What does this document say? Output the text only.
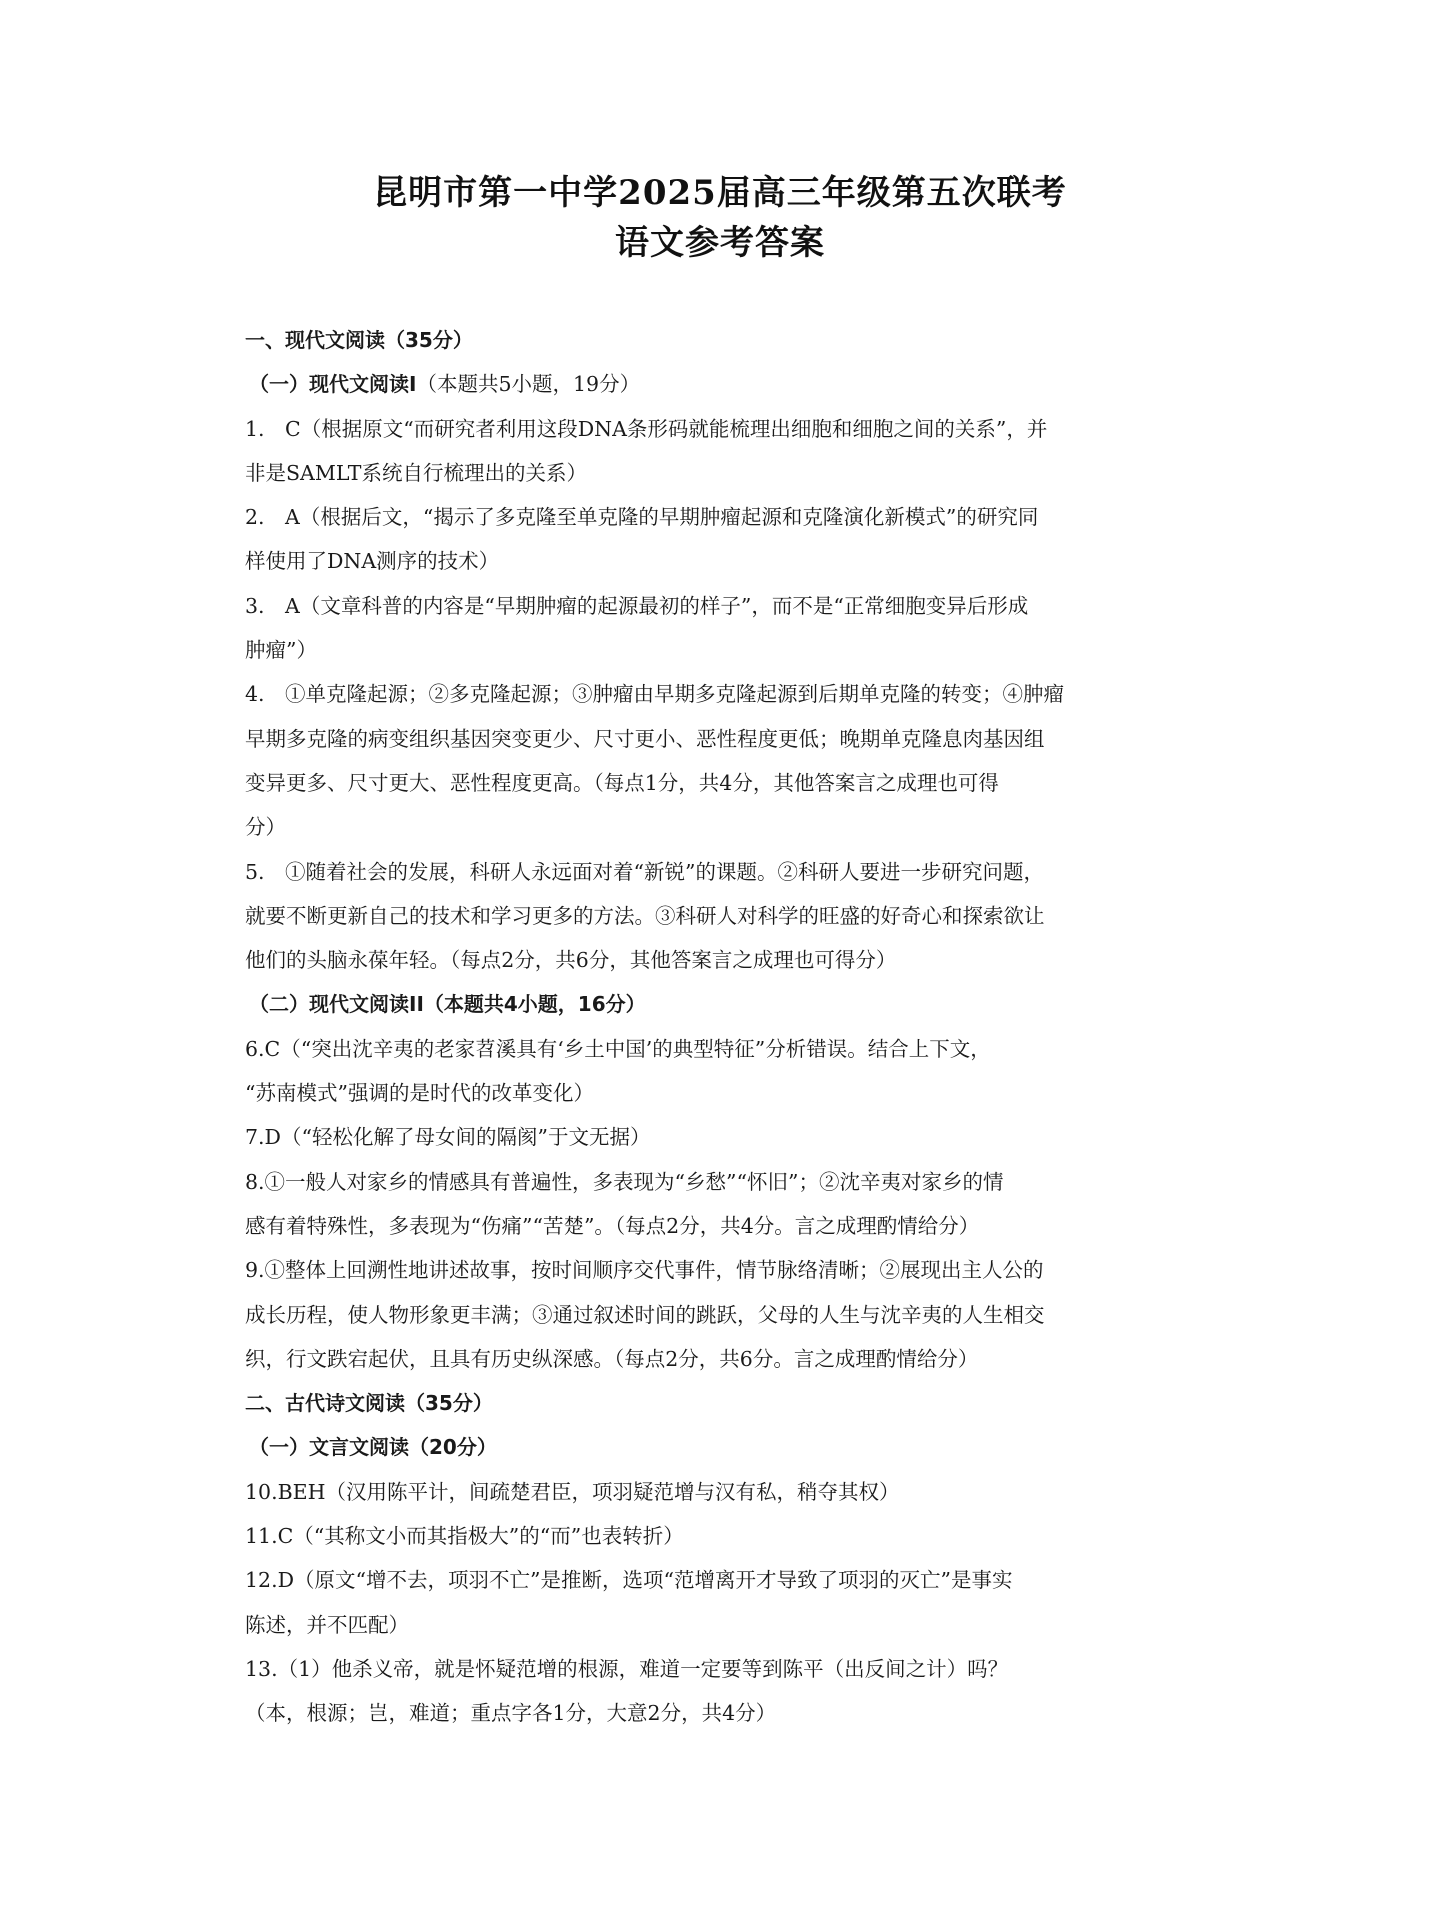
昆明市第一中学2025届高三年级第五次联考
语文参考答案
一、现代文阅读（35分）
（一）现代文阅读Ⅰ（本题共5小题，19分）
1.　C（根据原文“而研究者利用这段DNA条形码就能梳理出细胞和细胞之间的关系”，并
非是SAMLT系统自行梳理出的关系）
2.　A（根据后文，“揭示了多克隆至单克隆的早期肿瘤起源和克隆演化新模式”的研究同
样使用了DNA测序的技术）
3.　A（文章科普的内容是“早期肿瘤的起源最初的样子”，而不是“正常细胞变异后形成
肿瘤”）
4.　①单克隆起源；②多克隆起源；③肿瘤由早期多克隆起源到后期单克隆的转变；④肿瘤
早期多克隆的病变组织基因突变更少、尺寸更小、恶性程度更低；晚期单克隆息肉基因组
变异更多、尺寸更大、恶性程度更高。（每点1分，共4分，其他答案言之成理也可得
分）
5.　①随着社会的发展，科研人永远面对着“新锐”的课题。②科研人要进一步研究问题，
就要不断更新自己的技术和学习更多的方法。③科研人对科学的旺盛的好奇心和探索欲让
他们的头脑永葆年轻。（每点2分，共6分，其他答案言之成理也可得分）
（二）现代文阅读II（本题共4小题，16分）
6.C（“突出沈辛夷的老家苕溪具有‘乡土中国’的典型特征”分析错误。结合上下文，
“苏南模式”强调的是时代的改革变化）
7.D（“轻松化解了母女间的隔阂”于文无据）
8.①一般人对家乡的情感具有普遍性，多表现为“乡愁”“怀旧”；②沈辛夷对家乡的情
感有着特殊性，多表现为“伤痛”“苦楚”。（每点2分，共4分。言之成理酌情给分）
9.①整体上回溯性地讲述故事，按时间顺序交代事件，情节脉络清晰；②展现出主人公的
成长历程，使人物形象更丰满；③通过叙述时间的跳跃，父母的人生与沈辛夷的人生相交
织，行文跌宕起伏，且具有历史纵深感。（每点2分，共6分。言之成理酌情给分）
二、古代诗文阅读（35分）
（一）文言文阅读（20分）
10.BEH（汉用陈平计，间疏楚君臣，项羽疑范增与汉有私，稍夺其权）
11.C（“其称文小而其指极大”的“而”也表转折）
12.D（原文“增不去，项羽不亡”是推断，选项“范增离开才导致了项羽的灭亡”是事实
陈述，并不匹配）
13.（1）他杀义帝，就是怀疑范增的根源，难道一定要等到陈平（出反间之计）吗？
（本，根源；岂，难道；重点字各1分，大意2分，共4分）
